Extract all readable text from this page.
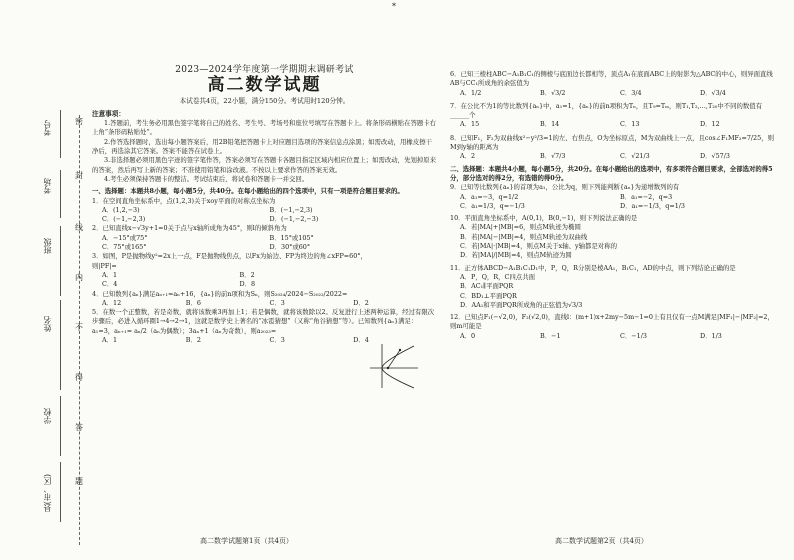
*
考号
考场
班级
姓名
学校
县(市、区)
密
封
线
内
不
得
答
题

2023—2024学年度第一学期期末调研考试

高二数学试题

本试卷共4页，22小题，满分150分。考试用时120分钟。

注意事项：

1.答题前，考生务必用黑色签字笔将自己的姓名、考生号、考场号和座位号填写在答题卡上。将条形码横贴在答题卡右上角“条形码粘贴处”。

2.作答选择题时，选出每小题答案后，用2B铅笔把答题卡上对应题目选项的答案信息点涂黑；如需改动，用橡皮擦干净后，再选涂其它答案。答案不能答在试卷上。

3.非选择题必须用黑色字迹的签字笔作答，答案必须写在答题卡各题目指定区域内相应位置上；如需改动，先划掉原来的答案，然后再写上新的答案；不准使用铅笔和涂改液。不按以上要求作答的答案无效。

4.考生必须保持答题卡的整洁。考试结束后，将试卷和答题卡一并交回。

一、选择题：本题共8小题，每小题5分，共40分。在每小题给出的四个选项中，只有一项是符合题目要求的。

1．在空间直角坐标系中，点(1,2,3)关于xoy平面的对称点坐标为

A．(1,2,−3)	B．(−1,−2,3)
C．(−1,−2,3)	D．(−1,−2,−3)

2．已知直线x−√3y+1=0关于点与x轴所成角为45°，则l的倾斜角为

A．−15°或75°	B．15°或105°
C．75°或165°	D．30°或60°

3．如图，P是抛物线y²=2x上一点，F是抛物线焦点，以Fx为始边、FP为终边的角∠xFP=60°，则|PF|=

A．1	B．2
C．4	D．8

4．已知数列{aₙ}满足aₙ₊₁=aₙ+16，{aₙ}的前n项和为Sₙ，则S₂₀₂₄/2024−S₂₀₂₂/2022=

A．12	B．6	C．3	D．2

5．在数一个正整数，若是奇数，就将该数乘3再加上1；若是偶数，就将该数除以2。反复进行上述两种运算，经过有限次步骤后，必进入循环圈1→4→2→1，这就是数学史上著名的“冰雹猜想”（又称“角谷猜想”等）。已知数列{aₙ}满足：a₁=3，aₙ₊₁= aₙ/2（aₙ为偶数）；3aₙ+1（aₙ为奇数），则a₂₀₂₃=

A．1	B．2	C．3	D．4

6．已知三棱柱ABC−A₁B₁C₁的侧棱与底面边长都相等，顶点A₁在底面ABC上的射影为△ABC的中心，则异面直线AB与CC₁所成角的余弦值为

A．1/2	B．√3/2	C．3/4	D．√3/4

7．在公比不为1的等比数列{aₙ}中，a₁=1，{aₙ}的前n项积为Tₙ，且T₉=Tₘ，则T₁,T₂,…,T₂₀中不同的数值有______个

A．15	B．14	C．13	D．12

8．已知F₁，F₂为双曲线x²−y²/3=1的左、右焦点，O为坐标原点，M为双曲线上一点，且cos∠F₁MF₂=7/25，则M到y轴的距离为

A．2	B．√7/3	C．√21/3	D．√57/3

二、选择题：本题共4小题，每小题5分，共20分。在每小题给出的选项中，有多项符合题目要求，全部选对的得5分，部分选对的得2分，有选错的得0分。

9．已知等比数列{aₙ}的首项为a₁，公比为q，则下列能判断{aₙ}为递增数列的有

A．a₁=−3，q=1/2	B．a₁=−2，q=3
C．a₁=1/3，q=−1/3	D．a₁=−1/3，q=1/3

10．平面直角坐标系中，A(0,1)，B(0,−1)，则下列说法正确的是

A．若|MA|+|MB|=6，则点M轨迹为椭圆

B．若|MA|−|MB|=4，则点M轨迹为双曲线

C．若|MA|·|MB|=4，则点M关于x轴、y轴都是对称的

D．若|MA|/|MB|=4，则点M轨迹为圆

11．正方体ABCD−A₁B₁C₁D₁中，P，Q，R分别是棱AA₁，B₁C₁，AD的中点，则下列结论正确的是

A．P，Q，R，C四点共面

B．AC₁∥平面PQR

C．BD₁⊥平面PQR

D．AA₁和平面PQR所成角的正弦值为√3/3

12．已知点F₁(−√2,0)，F₂(√2,0)，直线l：(m+1)x+2my−5m−1=0上有且仅有一点M满足|MF₁|−|MF₂|=2，则m可能是

A．0	B．−1	C．−1/3	D．1/3
高二数学试题第1页（共4页）	高二数学试题第2页（共4页）
